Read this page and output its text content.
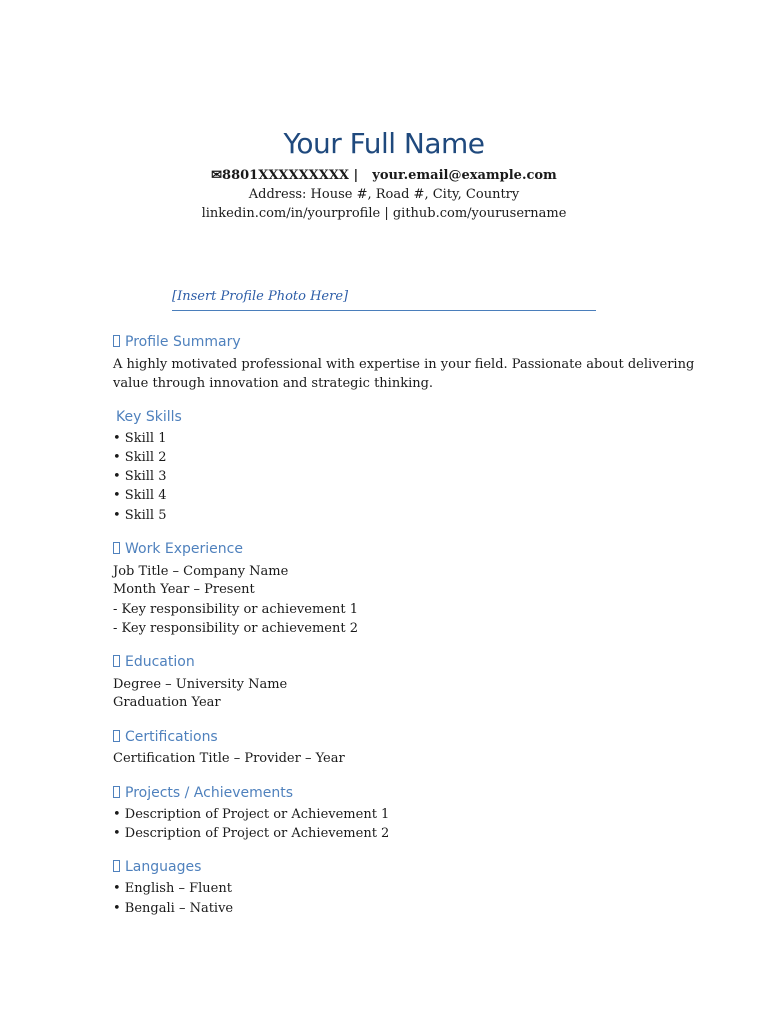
Your Full Name
✉8801XXXXXXXXX | your.email@example.com
Address: House #, Road #, City, Country
linkedin.com/in/yourprofile | github.com/yourusername
[Insert Profile Photo Here]
Profile Summary
A highly motivated professional with expertise in your field. Passionate about delivering
value through innovation and strategic thinking.
Key Skills
• Skill 1
• Skill 2
• Skill 3
• Skill 4
• Skill 5
Work Experience
Job Title – Company Name
Month Year – Present
- Key responsibility or achievement 1
- Key responsibility or achievement 2
Education
Degree – University Name
Graduation Year
Certifications
Certification Title – Provider – Year
Projects / Achievements
• Description of Project or Achievement 1
• Description of Project or Achievement 2
Languages
• English – Fluent
• Bengali – Native
